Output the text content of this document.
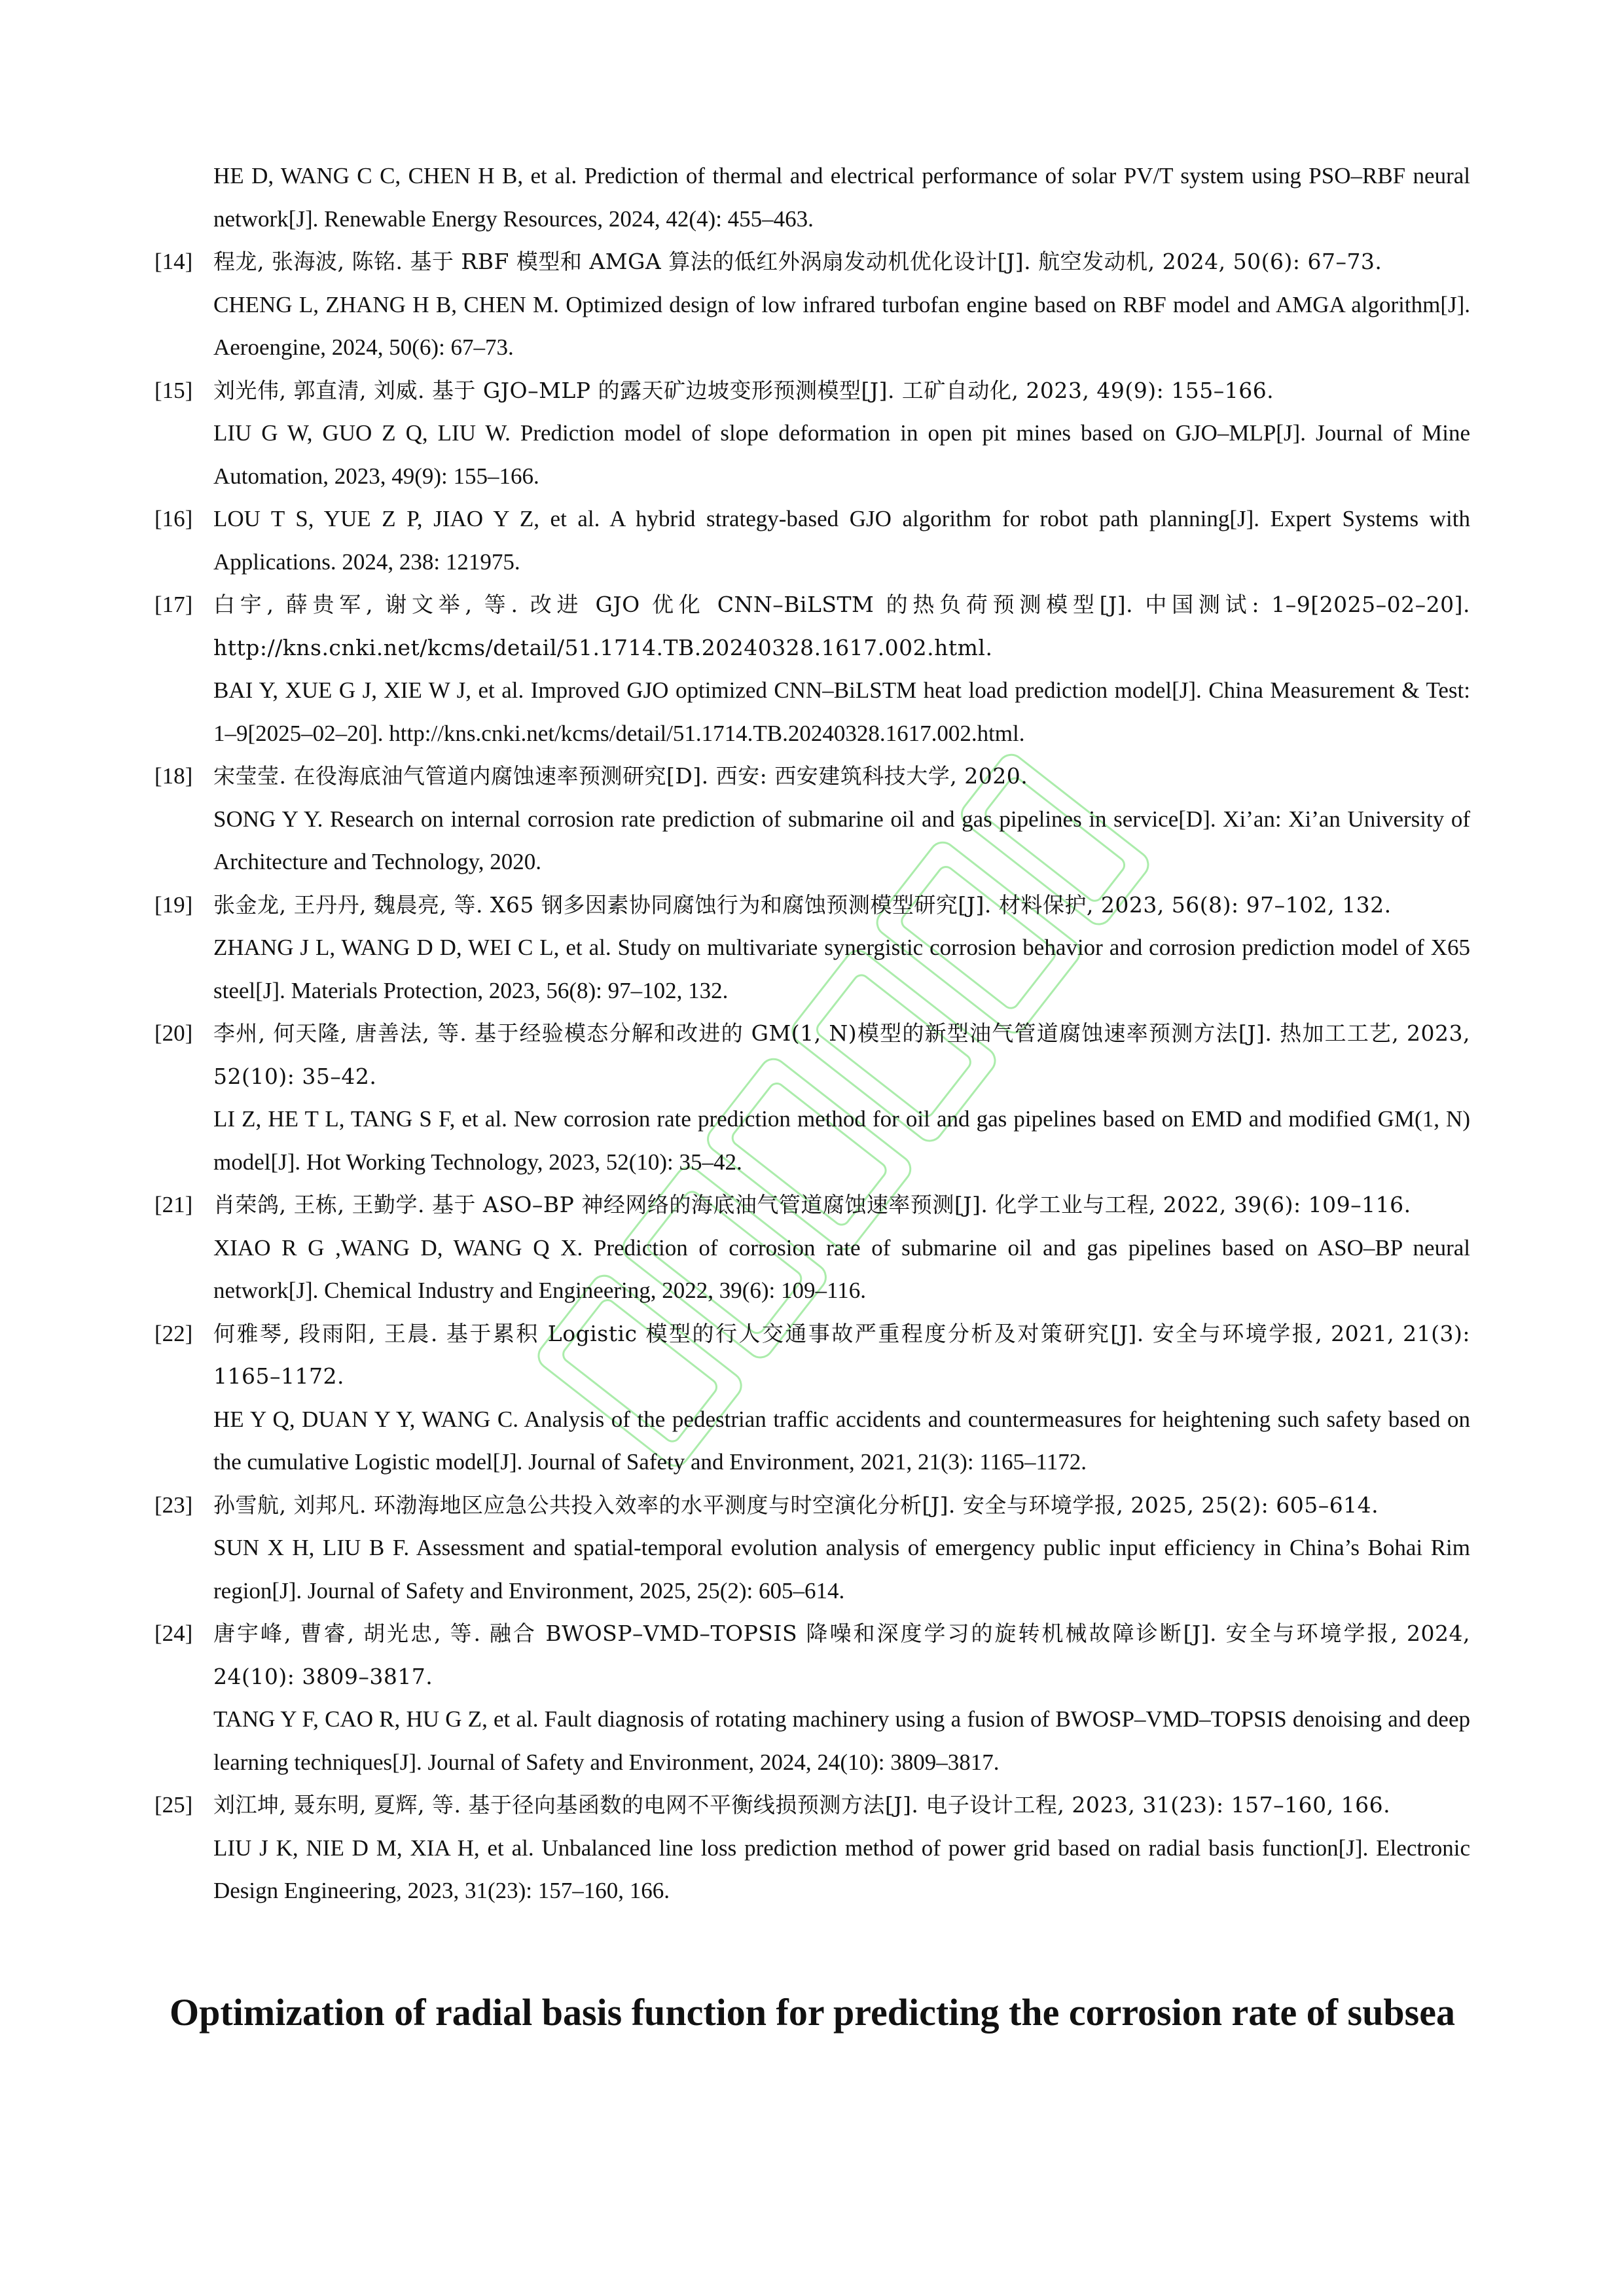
HE D, WANG C C, CHEN H B, et al. Prediction of thermal and electrical performance of solar PV/T system using PSO–RBF neural network[J]. Renewable Energy Resources, 2024, 42(4): 455–463.

[14] 程龙, 张海波, 陈铭. 基于 RBF 模型和 AMGA 算法的低红外涡扇发动机优化设计[J]. 航空发动机, 2024, 50(6): 67–73.

CHENG L, ZHANG H B, CHEN M. Optimized design of low infrared turbofan engine based on RBF model and AMGA algorithm[J]. Aeroengine, 2024, 50(6): 67–73.

[15] 刘光伟, 郭直清, 刘威. 基于 GJO–MLP 的露天矿边坡变形预测模型[J]. 工矿自动化, 2023, 49(9): 155–166.

LIU G W, GUO Z Q, LIU W. Prediction model of slope deformation in open pit mines based on GJO–MLP[J]. Journal of Mine Automation, 2023, 49(9): 155–166.

[16] LOU T S, YUE Z P, JIAO Y Z, et al. A hybrid strategy-based GJO algorithm for robot path planning[J]. Expert Systems with Applications. 2024, 238: 121975.

[17] 白宇, 薛贵军, 谢文举, 等. 改进 GJO 优化 CNN–BiLSTM 的热负荷预测模型[J]. 中国测试: 1–9[2025–02–20]. http://kns.cnki.net/kcms/detail/51.1714.TB.20240328.1617.002.html.

BAI Y, XUE G J, XIE W J, et al. Improved GJO optimized CNN–BiLSTM heat load prediction model[J]. China Measurement & Test: 1–9[2025–02–20]. http://kns.cnki.net/kcms/detail/51.1714.TB.20240328.1617.002.html.

[18] 宋莹莹. 在役海底油气管道内腐蚀速率预测研究[D]. 西安: 西安建筑科技大学, 2020.

SONG Y Y. Research on internal corrosion rate prediction of submarine oil and gas pipelines in service[D]. Xi’an: Xi’an University of Architecture and Technology, 2020.

[19] 张金龙, 王丹丹, 魏晨亮, 等. X65 钢多因素协同腐蚀行为和腐蚀预测模型研究[J]. 材料保护, 2023, 56(8): 97–102, 132.

ZHANG J L, WANG D D, WEI C L, et al. Study on multivariate synergistic corrosion behavior and corrosion prediction model of X65 steel[J]. Materials Protection, 2023, 56(8): 97–102, 132.

[20] 李州, 何天隆, 唐善法, 等. 基于经验模态分解和改进的 GM(1, N)模型的新型油气管道腐蚀速率预测方法[J]. 热加工工艺, 2023, 52(10): 35–42.

LI Z, HE T L, TANG S F, et al. New corrosion rate prediction method for oil and gas pipelines based on EMD and modified GM(1, N) model[J]. Hot Working Technology, 2023, 52(10): 35–42.

[21] 肖荣鸽, 王栋, 王勤学. 基于 ASO–BP 神经网络的海底油气管道腐蚀速率预测[J]. 化学工业与工程, 2022, 39(6): 109–116.

XIAO R G ,WANG D, WANG Q X. Prediction of corrosion rate of submarine oil and gas pipelines based on ASO–BP neural network[J]. Chemical Industry and Engineering, 2022, 39(6): 109–116.

[22] 何雅琴, 段雨阳, 王晨. 基于累积 Logistic 模型的行人交通事故严重程度分析及对策研究[J]. 安全与环境学报, 2021, 21(3): 1165–1172.

HE Y Q, DUAN Y Y, WANG C. Analysis of the pedestrian traffic accidents and countermeasures for heightening such safety based on the cumulative Logistic model[J]. Journal of Safety and Environment, 2021, 21(3): 1165–1172.

[23] 孙雪航, 刘邦凡. 环渤海地区应急公共投入效率的水平测度与时空演化分析[J]. 安全与环境学报, 2025, 25(2): 605–614.

SUN X H, LIU B F. Assessment and spatial-temporal evolution analysis of emergency public input efficiency in China’s Bohai Rim region[J]. Journal of Safety and Environment, 2025, 25(2): 605–614.

[24] 唐宇峰, 曹睿, 胡光忠, 等. 融合 BWOSP–VMD–TOPSIS 降噪和深度学习的旋转机械故障诊断[J]. 安全与环境学报, 2024, 24(10): 3809–3817.

TANG Y F, CAO R, HU G Z, et al. Fault diagnosis of rotating machinery using a fusion of BWOSP–VMD–TOPSIS denoising and deep learning techniques[J]. Journal of Safety and Environment, 2024, 24(10): 3809–3817.

[25] 刘江坤, 聂东明, 夏辉, 等. 基于径向基函数的电网不平衡线损预测方法[J]. 电子设计工程, 2023, 31(23): 157–160, 166.

LIU J K, NIE D M, XIA H, et al. Unbalanced line loss prediction method of power grid based on radial basis function[J]. Electronic Design Engineering, 2023, 31(23): 157–160, 166.

Optimization of radial basis function for predicting the corrosion rate of subsea
